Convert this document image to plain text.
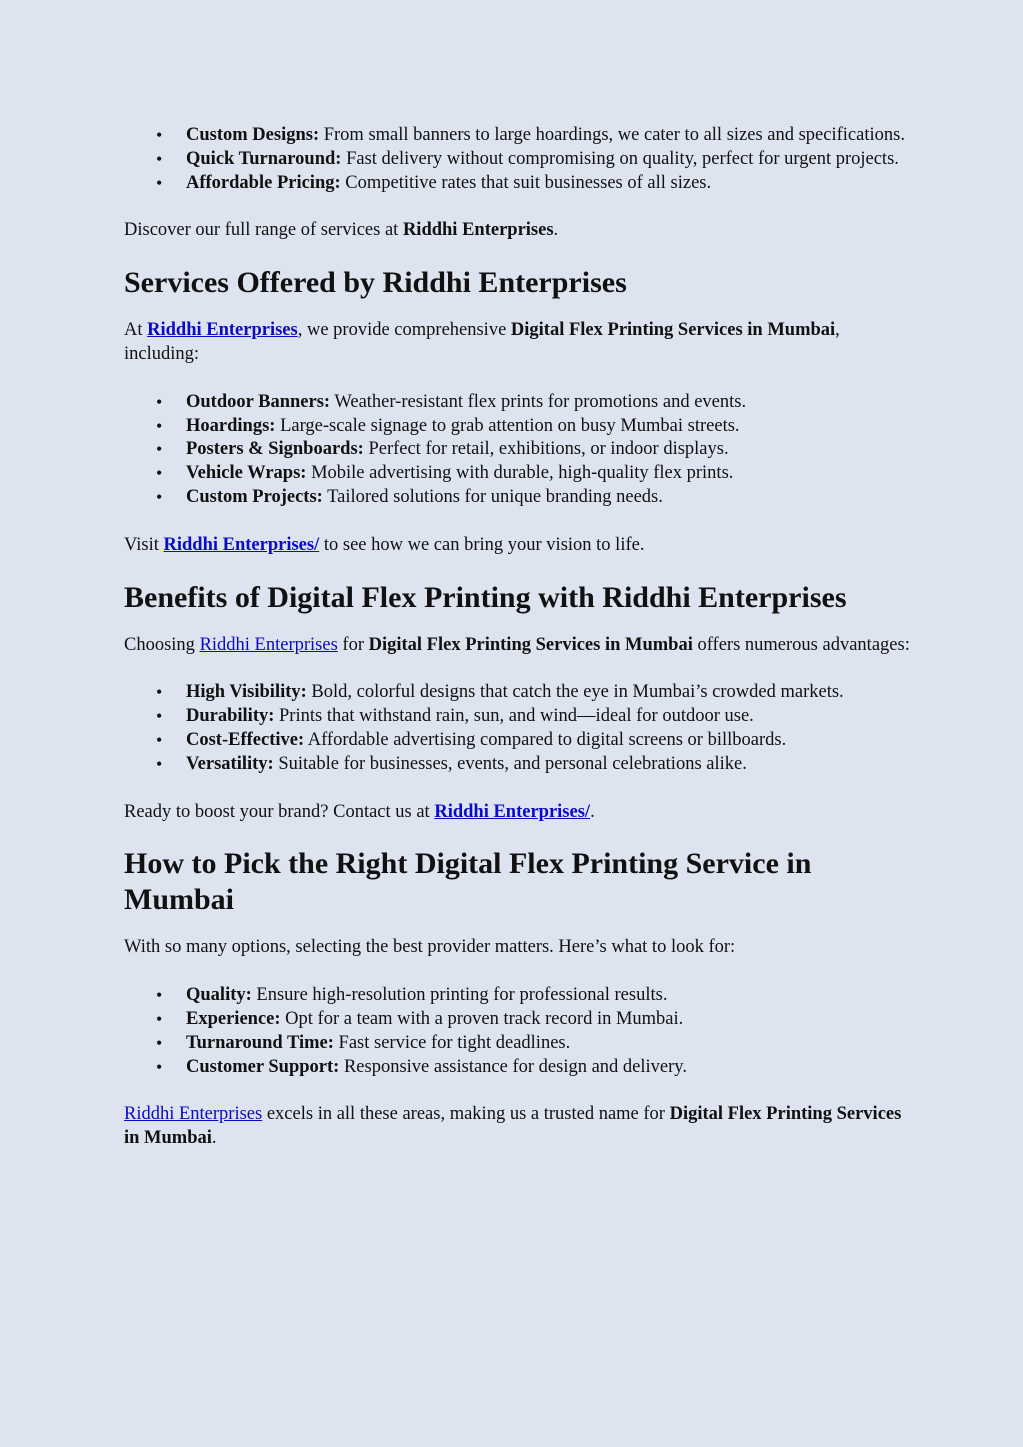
• Custom Designs: From small banners to large hoardings, we cater to all sizes and specifications.
• Quick Turnaround: Fast delivery without compromising on quality, perfect for urgent projects.
• Affordable Pricing: Competitive rates that suit businesses of all sizes.

Discover our full range of services at Riddhi Enterprises.

Services Offered by Riddhi Enterprises

At Riddhi Enterprises, we provide comprehensive Digital Flex Printing Services in Mumbai, including:

• Outdoor Banners: Weather-resistant flex prints for promotions and events.
• Hoardings: Large-scale signage to grab attention on busy Mumbai streets.
• Posters & Signboards: Perfect for retail, exhibitions, or indoor displays.
• Vehicle Wraps: Mobile advertising with durable, high-quality flex prints.
• Custom Projects: Tailored solutions for unique branding needs.

Visit Riddhi Enterprises/ to see how we can bring your vision to life.

Benefits of Digital Flex Printing with Riddhi Enterprises

Choosing Riddhi Enterprises for Digital Flex Printing Services in Mumbai offers numerous advantages:

• High Visibility: Bold, colorful designs that catch the eye in Mumbai’s crowded markets.
• Durability: Prints that withstand rain, sun, and wind—ideal for outdoor use.
• Cost-Effective: Affordable advertising compared to digital screens or billboards.
• Versatility: Suitable for businesses, events, and personal celebrations alike.

Ready to boost your brand? Contact us at Riddhi Enterprises/.

How to Pick the Right Digital Flex Printing Service in Mumbai

With so many options, selecting the best provider matters. Here’s what to look for:

• Quality: Ensure high-resolution printing for professional results.
• Experience: Opt for a team with a proven track record in Mumbai.
• Turnaround Time: Fast service for tight deadlines.
• Customer Support: Responsive assistance for design and delivery.

Riddhi Enterprises excels in all these areas, making us a trusted name for Digital Flex Printing Services in Mumbai.
